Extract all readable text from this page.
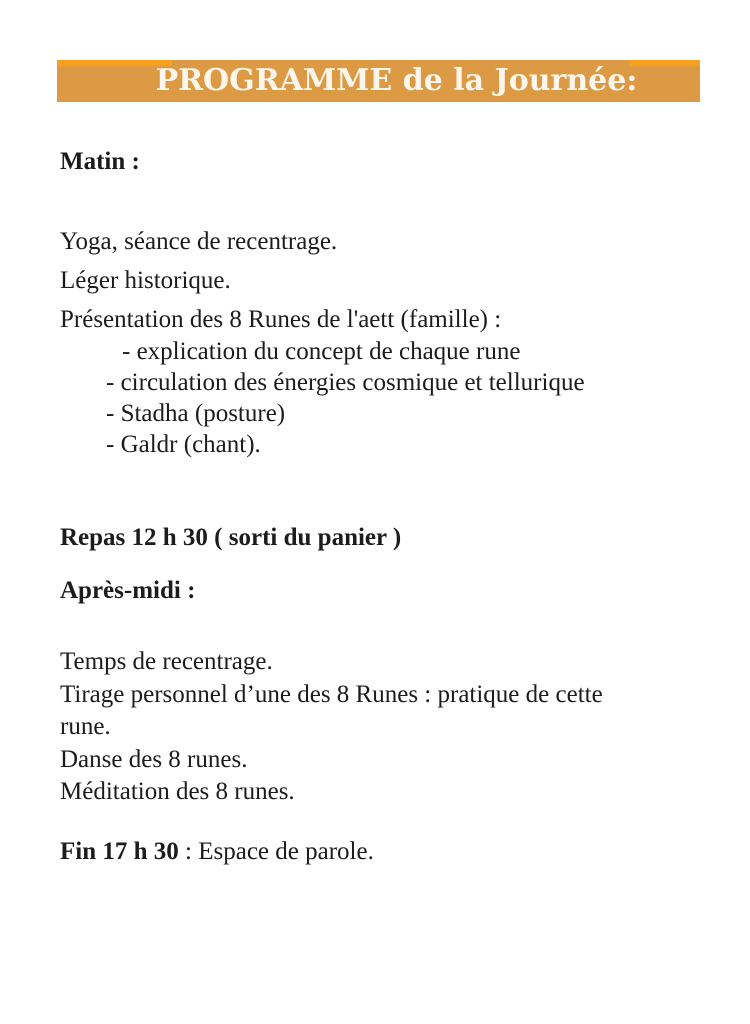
PROGRAMME de la Journée:
Matin :
Yoga, séance de recentrage.
Léger historique.
Présentation des 8 Runes de l'aett (famille) :
- explication du concept de chaque rune
- circulation des énergies cosmique et tellurique
- Stadha (posture)
- Galdr (chant).
Repas 12 h 30 ( sorti du panier )
Après-midi :
Temps de recentrage.
Tirage personnel d’une des 8 Runes : pratique de cette
rune.
Danse des 8 runes.
Méditation des 8 runes.
Fin 17 h 30 : Espace de parole.
